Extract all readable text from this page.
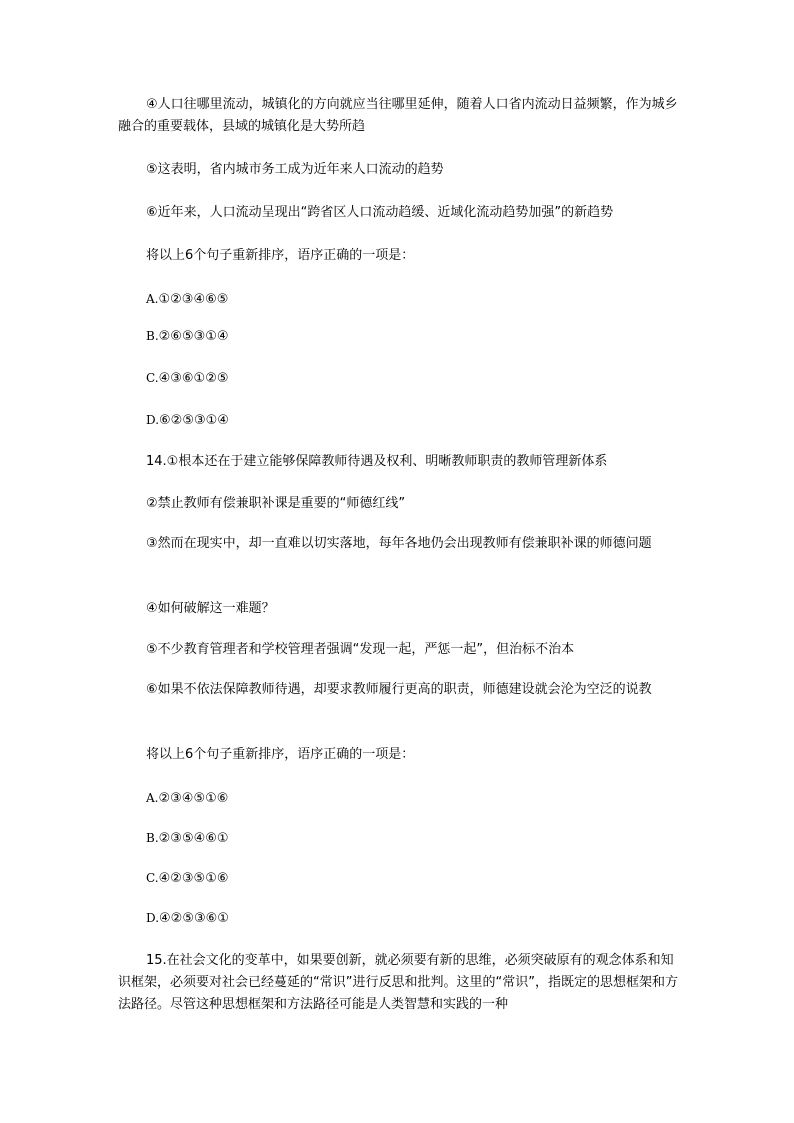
④人口往哪里流动，城镇化的方向就应当往哪里延伸，随着人口省内流动日益频繁，作为城乡融合的重要载体，县域的城镇化是大势所趋

⑤这表明，省内城市务工成为近年来人口流动的趋势

⑥近年来，人口流动呈现出“跨省区人口流动趋缓、近域化流动趋势加强”的新趋势

将以上6个句子重新排序，语序正确的一项是：

A.①②③④⑥⑤

B.②⑥⑤③①④

C.④③⑥①②⑤

D.⑥②⑤③①④

14.①根本还在于建立能够保障教师待遇及权利、明晰教师职责的教师管理新体系

②禁止教师有偿兼职补课是重要的“师德红线”

③然而在现实中，却一直难以切实落地，每年各地仍会出现教师有偿兼职补课的师德问题

④如何破解这一难题？

⑤不少教育管理者和学校管理者强调“发现一起，严惩一起”，但治标不治本

⑥如果不依法保障教师待遇，却要求教师履行更高的职责，师德建设就会沦为空泛的说教

将以上6个句子重新排序，语序正确的一项是：

A.②③④⑤①⑥

B.②③⑤④⑥①

C.④②③⑤①⑥

D.④②⑤③⑥①

15.在社会文化的变革中，如果要创新，就必须要有新的思维，必须突破原有的观念体系和知识框架，必须要对社会已经蔓延的“常识”进行反思和批判。这里的“常识”，指既定的思想框架和方法路径。尽管这种思想框架和方法路径可能是人类智慧和实践的一种
